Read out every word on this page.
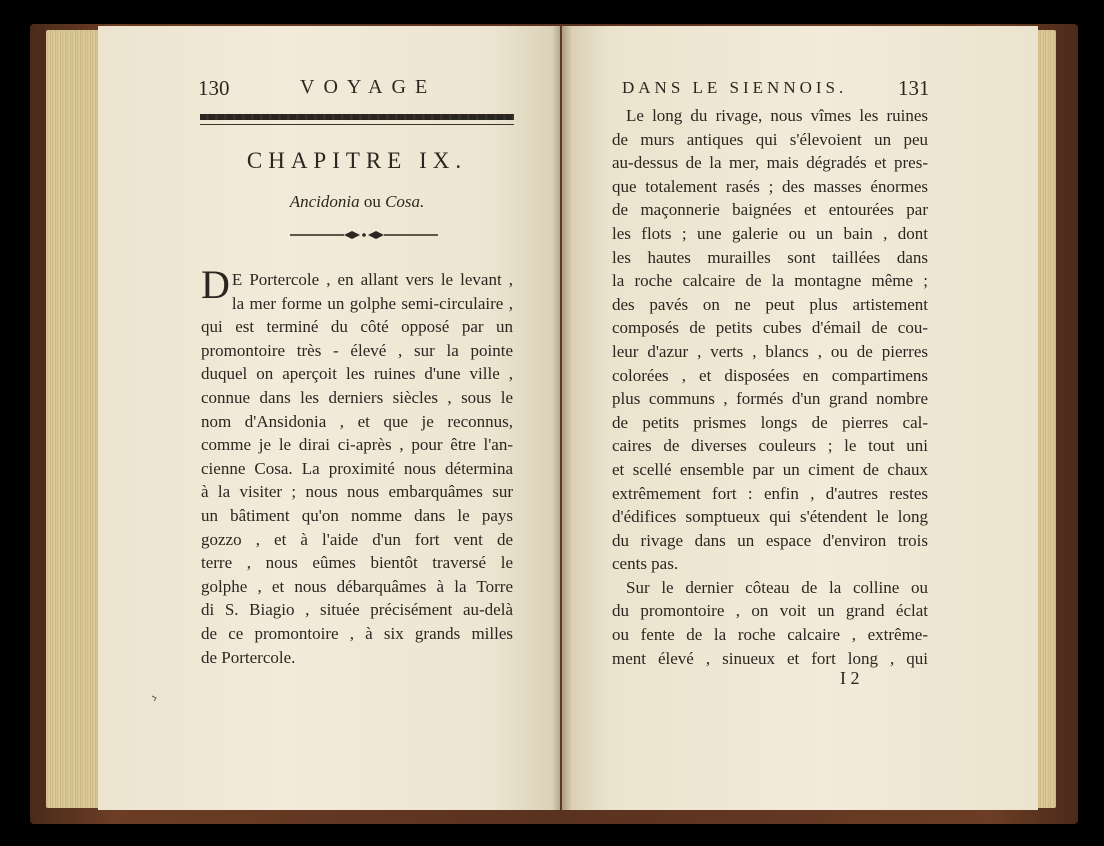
130	VOYAGE
CHAPITRE IX.
Ancidonia ou Cosa.
D E Portercole , en allant vers le levant ,
la mer forme un golphe semi-circulaire ,
qui est terminé du côté opposé par un
promontoire très - élevé , sur la pointe
duquel on aperçoit les ruines d'une ville ,
connue dans les derniers siècles , sous le
nom d'Ansidonia , et que je reconnus,
comme je le dirai ci-après , pour être l'an-
cienne Cosa. La proximité nous détermina
à la visiter ; nous nous embarquâmes sur
un bâtiment qu'on nomme dans le pays
gozzo , et à l'aide d'un fort vent de
terre , nous eûmes bientôt traversé le
golphe , et nous débarquâmes à la Torre
di S. Biagio , située précisément au-delà
de ce promontoire , à six grands milles
de Portercole.
DANS LE SIENNOIS. 131
Le long du rivage, nous vîmes les ruines
de murs antiques qui s'élevoient un peu
au-dessus de la mer, mais dégradés et pres-
que totalement rasés ; des masses énormes
de maçonnerie baignées et entourées par
les flots ; une galerie ou un bain , dont
les hautes murailles sont taillées dans
la roche calcaire de la montagne même ;
des pavés on ne peut plus artistement
composés de petits cubes d'émail de cou-
leur d'azur , verts , blancs , ou de pierres
colorées , et disposées en compartimens
plus communs , formés d'un grand nombre
de petits prismes longs de pierres cal-
caires de diverses couleurs ; le tout uni
et scellé ensemble par un ciment de chaux
extrêmement fort : enfin , d'autres restes
d'édifices somptueux qui s'étendent le long
du rivage dans un espace d'environ trois
cents pas.
Sur le dernier côteau de la colline ou
du promontoire , on voit un grand éclat
ou fente de la roche calcaire , extrême-
ment élevé , sinueux et fort long , qui
I 2
